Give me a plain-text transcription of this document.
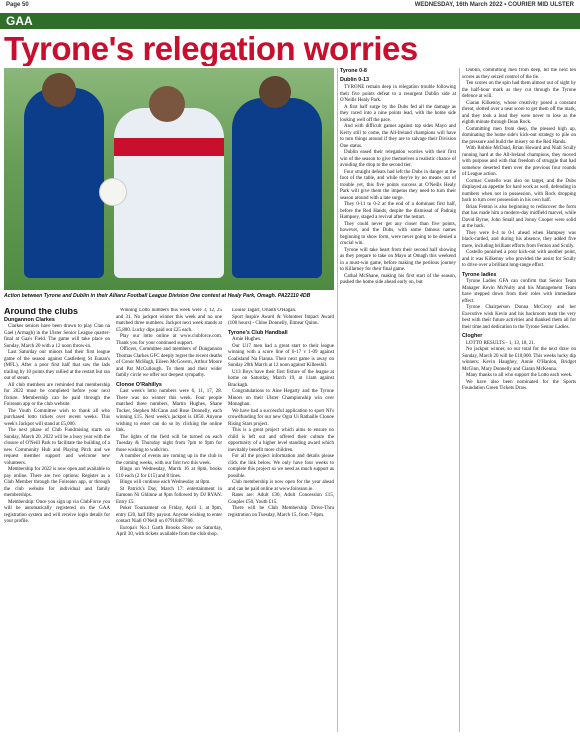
Page 50	WEDNESDAY, 16th March 2022 • COURIER MID ULSTER
GAA
Tyrone's relegation worries
Action between Tyrone and Dublin in their Allianz Football League Division One contest at Healy Park, Omagh. PA22110 4DB
Around the clubs
Dungannon Clarkes

Clarkes seniors have been drawn to play Clan na Gael (Armagh) in the Ulster Senior League quarter-final at Gaa's Field. The game will take place on Sunday, March 20 with a 12 noon throw-in.

Last Saturday our minors had their first league game of the season against Castlederg St Eunan's (MFL). After a poor first half that saw the lads trailing by 10 points they rallied at the restart but ran out of steam.

All club members are reminded that membership for 2022 must be completed before your next fixture. Membership can be paid through the Foireann app or the club website.

The Youth Committee wish to thank all who purchased lotto tickets over recent weeks. This week's Jackpot will stand at £5,000.

The next phase of Club Fundraising starts on Sunday, March 20. 2022 will be a busy year with the closure of O'Neill Park to facilitate the building of a new Community Hub and Playing Pitch and we request member support and welcome new volunteers.

Membership for 2022 is now open and available to pay online. There are two options: Register as a Club Member through the Foireann app, or through the club website for individual and family memberships.

Membership: Once you sign up via ClubForce you will be automatically registered on the GAA registration system and will receive login details for your profile.

Winning Lotto numbers this week were 3, 12, 25 and 31. No jackpot winner this week and no one matched three numbers. Jackpot next week stands at £5,800. Lucky dips paid out £25 each.

Play our lotto online at www.clubforce.com. Thank you for your continued support.

Officers, Committee and members of Dungannon Thomas Clarkes GFC deeply regret the recent deaths of Conor McHugh, Eileen McGovern, Arthur Moore and Pat McCullough. To them and their wider family circle we offer our deepest sympathy.

Clonoe O'Rahillys

Last week's lotto numbers were 6, 11, 17, 28. There was no winner this week. Four people matched three numbers, Martin Hughes, Shane Tucker, Stephen McCann and Rose Donnelly, each winning £15. Next week's jackpot is £850. Anyone wishing to enter can do so by clicking the online link.

The lights of the field will be turned on each Tuesday & Thursday night from 7pm to 9pm for those wishing to walk/run.

A number of events are coming up in the club in the coming weeks, with our first two this week.

Bingo on Wednesday, March 16 at 8pm, books £10 each (2 for £15) and 8 lines.

Bingo will continue each Wednesday at 8pm.

St Patrick's Day, March 17: entertainment in Eamonn Ni Ghlinne at 9pm followed by DJ RYAN. Entry £5.

Poker Tournament on Friday, April 1, at 9pm, entry £20, half fifty payout. Anyone wishing to enter contact Niall O'Neill on 07918467780.

Europa's No.1 Garth Brooks Show on Saturday, April 30, with tickets available from the club shop.

Louise Tagart, Orlaith O'Hagan.

Sport Inspire Award & Volunteer Impact Award (100 hours) - Chloe Donnelly, Eimear Quinn.

Tyrone's Club Handball

Arnie Hughes.

Our U17 men had a great start to their league winning with a score line of 6-17 v 1-09 against Coalisland Na Fianna. Their next game is away on Sunday 20th March at 12 noon against Killeeshil.

U13 Boys have their first fixture of the league at home on Saturday, March 19, at 11am against Brackagh.

Congratulations to Aine Hegarty and the Tyrone Minors on their Ulster Championship win over Monaghan.

We have had a successful application to sport NI's crowdfunding for our new Ogra Ui Rathaille Clonoe Rising Stars project.

This is a great project which aims to ensure no child is left out and offered their culture the opportunity of a higher level standing award which inevitably benefit more children.

For all the project information and details please click the link below. We only have four weeks to complete this project so we need as much support as possible.

Club membership is now open for the year ahead and can be paid online at www.foireann.ie.

Rates are: Adult £30, Adult Concession £15, Couples £50, Youth £15.

There will be Club Membership Drive-Thru registration on Tuesday, March 15, from 7-8pm.

Tyrone 0-8
Dublin 0-13

TYRONE remain deep in relegation trouble following their five points defeat to a resurgent Dublin side at O'Neills Healy Park.

A first half surge by the Dubs fed all the damage as they raced into a nine points lead, with the home side looking well off the pace.

And with difficult games against top sides Mayo and Kerry still to come, the All-Ireland champions will have to turn things around if they are to salvage their Division One status.

Dublin eased their relegation worries with their first win of the season to give themselves a realistic chance of avoiding the drop to the second tier.

Four straight defeats had left the Dubs in danger at the foot of the table, and while they're by no means out of trouble yet, this five points success at O'Neills Healy Park will give them the impetus they need to turn their season around with a late surge.

They 0-11 to 0-2 at the end of a dominant first half, before the Red Hands, despite the dismissal of Padraig Hampsey, staged a revival after the restart.

They could never get any closer than five points, however, and the Dubs, with some famous names beginning to show form, were never going to be denied a crucial win.

Tyrone will take heart from their second half showing as they prepare to take on Mayo at Omagh this weekend in a must-win game, before making the perilous journey to Killarney for their final game.

Cathal McShane, making his first start of the season, pushed the home side ahead early on, but

Dublin, committing men from deep, hit the next ten scores as they seized control of the tie.

Ten scores on the spin had them almost out of sight by the half-hour mark as they cut through the Tyrone defence at will.

Ciaran Kilkenny, whose creativity posed a constant threat, slotted over a neat score to get them off the mark, and they took a lead they were never to lose as the eighth minute through Dean Rock.

Committing men from deep, the pressed high up, dominating the home side's kick-out strategy to pile on the pressure and build the misery on the Red Hands.

With Robbie McDaid, Brian Howard and Niall Scully running hard at the All-Ireland champions, they moved with purpose and with that freedom of struggle that had somehow deserted them over the previous four rounds of League action.

Cormac Costello was also on target, and the Dubs displayed an appetite for hard work as well, defending in numbers when not in possession, with Rock dropping back to turn over possession in his own half.

Brian Fenton is also beginning to rediscover the form that has made him a modern-day midfield marvel, while David Byrne, John Small and Jonny Cooper were solid at the back.

They were 0-4 to 0-1 ahead when Hampsey was black-carded, and during his absence, they added five more, including brilliant efforts from Fenton and Scully.

Costello punished a poor kick-out with another point, and it was Kilkenny who provided the assist for Scully to drive over a brilliant long-range effort.

Tyrone ladies

Tyrone Ladies GFA can confirm that Senior Team Manager Kevin McNulty and his Management Team have stepped down from their roles with immediate effect.

Tyrone Chairperson Donna McCrory and her Executive wish Kevin and his backroom team the very best with their future activities and thanked them all for their time and dedication to the Tyrone Senior Ladies.

Clogher

LOTTO RESULTS - 1, 13, 18, 21.

No jackpot winner, so our total for the next draw on Sunday, March 20 will be £10,000. This weeks lucky dip winners: Kevin Haughey, Annie O'Hanlon, Bridget McGinn, Mary Donnelly and Ciaran McKenna.

Many thanks to all who support the Lotto each week.

We have also been nominated for the Sports Foundation Green Tickets Draw.
